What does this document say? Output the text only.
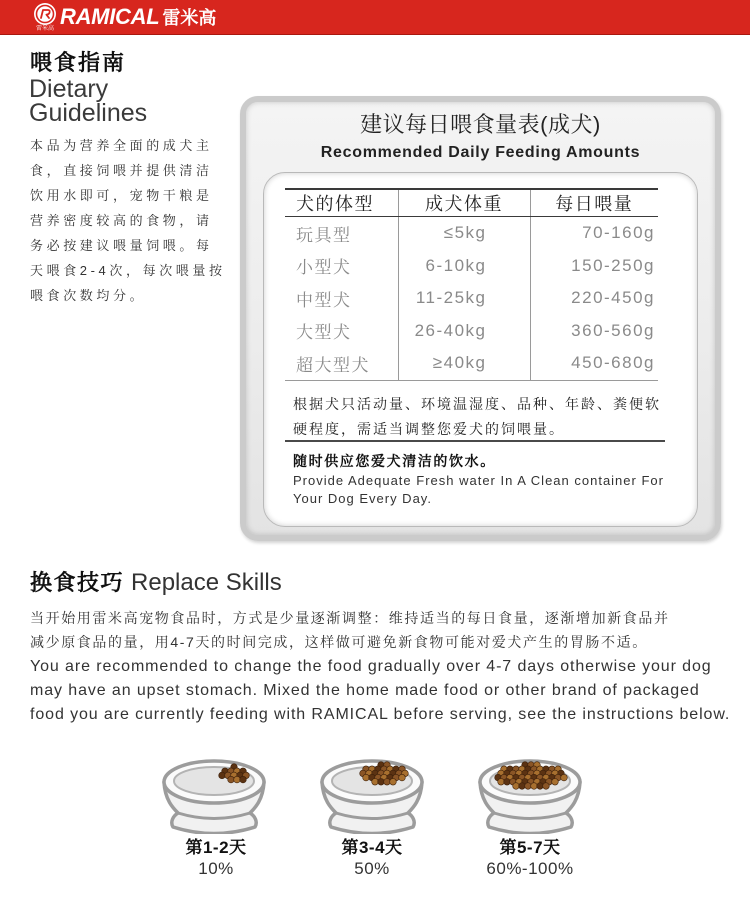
雷米高 RAMICAL 雷米高
喂食指南
Dietary
Guidelines
本品为营养全面的成犬主
食，直接饲喂并提供清洁
饮用水即可，宠物干粮是
营养密度较高的食物，请
务必按建议喂量饲喂。每
天喂食2-4次，每次喂量按
喂食次数均分。
建议每日喂食量表(成犬)
Recommended Daily Feeding Amounts
犬的体型	成犬体重	每日喂量
玩具型	≤5kg	70-160g
小型犬	6-10kg	150-250g
中型犬	11-25kg	220-450g
大型犬	26-40kg	360-560g
超大型犬	≥40kg	450-680g
根据犬只活动量、环境温湿度、品种、年龄、粪便软
硬程度，需适当调整您爱犬的饲喂量。
随时供应您爱犬清洁的饮水。
Provide Adequate Fresh water In A Clean container For
Your Dog Every Day.
换食技巧 Replace Skills
当开始用雷米高宠物食品时，方式是少量逐渐调整：维持适当的每日食量，逐渐增加新食品并
减少原食品的量，用4-7天的时间完成，这样做可避免新食物可能对爱犬产生的胃肠不适。
You are recommended to change the food gradually over 4-7 days otherwise your dog
may have an upset stomach. Mixed the home made food or other brand of packaged
food you are currently feeding with RAMICAL before serving, see the instructions below.
第1-2天
10%
第3-4天
50%
第5-7天
60%-100%
